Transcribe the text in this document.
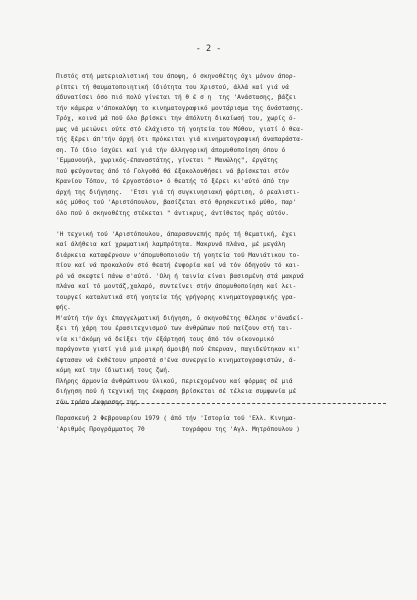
- 2 -
Πιστός στή ματεριαλιστική του άποψη, ό σκηνοθέτης όχι μόνον άπορ-
ρίπτει τή θαυματοποιητική ίδιότητα του Χριστού, άλλά καί γιά νά
άδυνατίσει όσο πιό πολύ γίνεται τή θ έ σ η  της 'Ανάστασης, βάζει
τήν κάμερα ν'άποκαλύψη το κινηματογραφικό μοντάρισμα της άνάστασης.
Τρόχ, κοινά μά πού όλο βρίσκει την άπόλυτη δικαίωσή του, χωρίς ό-
μως νά μειώνει ούτε στό έλάχιστο τή γοητεία του Μύθου, γιατί ό θεα-
τής ξέρει άπ'τήν άρχή ότι πρόκειται γιά κινηματογραφική άναπαράστα-
ση. Τό ίδιο ίσχύει καί γιά τήν άλληγορική άπομυθοποίηση όπου ό
'Εμμανουήλ, χωρικός-έπαναστάτης, γίνεται " Μανώλης", έργάτης
πού φεύγοντας άπό τό Γολγοθά θά έξακολουθήσει νά βρίσκεται στόν
Κρανίου Τόπον, τό έργοστάσιο• ό θεατής τό ξέρει κι'αύτό άπό την
άρχή της διήγησης.  'Ετσι γιά τή συγκινησιακή φόρτιση, ό ρεαλιστι-
κός μύθος τού 'Αριστόπουλου, βασίζεται στό θρησκευτικό μύθο, παρ'
όλο πού ό σκηνοθέτης στέκεται " άντικρυς, άντίθετος πρός αύτόν.
'Η τεχνική τού 'Αριστόπουλου, άπαρασυνεπής πρός τή θεματική, έχει
καί άλήθεια καί χρωματική λαμπρότητα. Μακρυνά πλάνα, μέ μεγάλη
διάρκεια καταφέρνουν ν'άπομυθοποιούν τή γοητεία τού Μανιάτικου το-
πίου καί νά προκαλούν στό θεατή έυφορία καί νά τόν όδηγούν τό και-
ρό νά σκεφτεί πάνω σ'αύτό. 'Ολη ή ταινία είναι βασισμένη στά μακρυά
πλάνα καί τό μοντάζ,χαλαρό, συντείνει στήν άπομυθοποίηση καί λει-
τουργεί καταλυτικά στή γοητεία τής γρήγορης κινηματογραφικής γρα-
φής.
Μ'αύτή τήν όχι έπαγγελματική διήγηση, ό σκηνοθέτης θέλησε ν'άναδεί-
ξει τή χάρη του έρασιτεχνισμού των άνθρώπων πού παίζουν στή ται-
νία κι'άκόμη νά δείξει τήν έξάρτησή τους άπό τόν οίκονομικό
παράγοντα γιατί γιά μιά μικρή άμοιβή πού έπερναν, παγιδεύτηκαν κι'
έφτασαν νά έκθέτουν μπροστά σ'ένα συνεργείο κινηματογραφιστών, ά-
κόμη καί την ίδιωτική τους ζωή.
Πλήρης άρμονία άνθρώπινου ύλικού, περιεχομένου καί φόρμας σέ μιά
διήγηση πού ή τεχνική της έκφραση βρίσκεται σέ τέλεια συμφωνία μέ
τόν τρόπο έκφρασης της.
Παρασκευή 2 Φεβρουαρίου 1979 ( άπό τήν 'Ιστορία τού 'Ελλ. Κινημα-
'Αριθμός Προγράμματος 70          τογράφου της 'Αγλ. Μητρόπουλου )
